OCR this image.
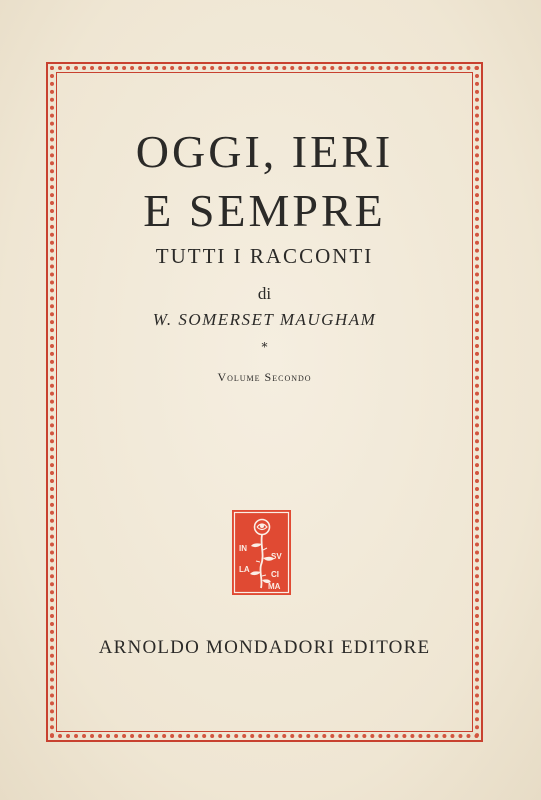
OGGI, IERI
E SEMPRE
TUTTI I RACCONTI
di
W. SOMERSET MAUGHAM
*
Volume Secondo
IN
SV
LA
CI
MA
ARNOLDO MONDADORI EDITORE
